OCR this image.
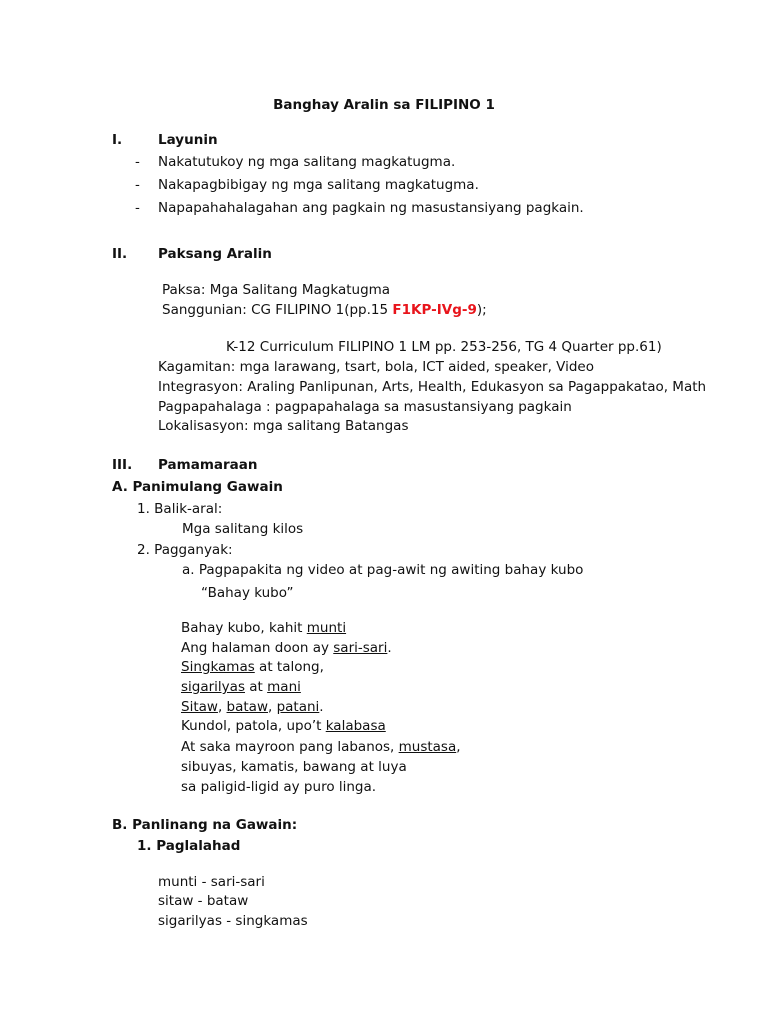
Banghay Aralin sa FILIPINO 1
I.	Layunin
- Nakatutukoy ng mga salitang magkatugma.
- Nakapagbibigay ng mga salitang magkatugma.
- Napapahahalagahan ang pagkain ng masustansiyang pagkain.
II. Paksang Aralin
Paksa: Mga Salitang Magkatugma
Sanggunian: CG FILIPINO 1(pp.15 F1KP-IVg-9);
K-12 Curriculum FILIPINO 1 LM pp. 253-256, TG 4 Quarter pp.61)
Kagamitan: mga larawang, tsart, bola, ICT aided, speaker, Video
Integrasyon: Araling Panlipunan, Arts, Health, Edukasyon sa Pagappakatao, Math
Pagpapahalaga : pagpapahalaga sa masustansiyang pagkain
Lokalisasyon: mga salitang Batangas
III. Pamamaraan
A. Panimulang Gawain
1. Balik-aral:
Mga salitang kilos
2. Pagganyak:
a. Pagpapakita ng video at pag-awit ng awiting bahay kubo
“Bahay kubo”
Bahay kubo, kahit munti
Ang halaman doon ay sari-sari.
Singkamas at talong,
sigarilyas at mani
Sitaw, bataw, patani.
Kundol, patola, upo’t kalabasa
At saka mayroon pang labanos, mustasa,
sibuyas, kamatis, bawang at luya
sa paligid-ligid ay puro linga.
B. Panlinang na Gawain:
1. Paglalahad
munti - sari-sari
sitaw - bataw
sigarilyas - singkamas
